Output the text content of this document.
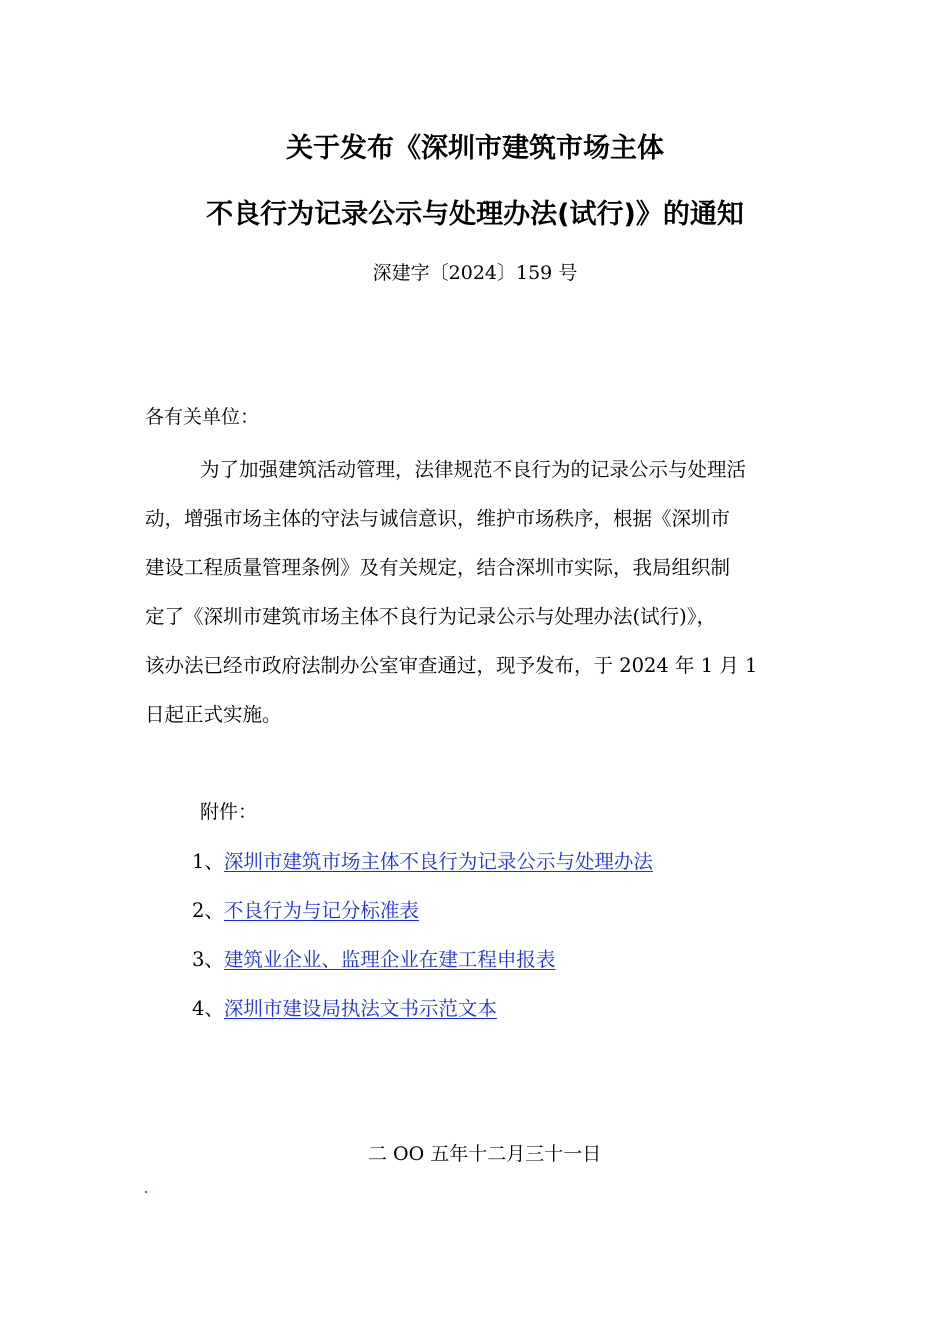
关于发布《深圳市建筑市场主体
不良行为记录公示与处理办法(试行)》的通知
深建字〔2024〕159 号
各有关单位：
为了加强建筑活动管理，法律规范不良行为的记录公示与处理活
动，增强市场主体的守法与诚信意识，维护市场秩序，根据《深圳市
建设工程质量管理条例》及有关规定，结合深圳市实际，我局组织制
定了《深圳市建筑市场主体不良行为记录公示与处理办法(试行)》，
该办法已经市政府法制办公室审查通过，现予发布，于 2024 年 1 月 1
日起正式实施。
附件：
1、深圳市建筑市场主体不良行为记录公示与处理办法
2、不良行为与记分标准表
3、建筑业企业、监理企业在建工程申报表
4、深圳市建设局执法文书示范文本
二 ОО 五年十二月三十一日
